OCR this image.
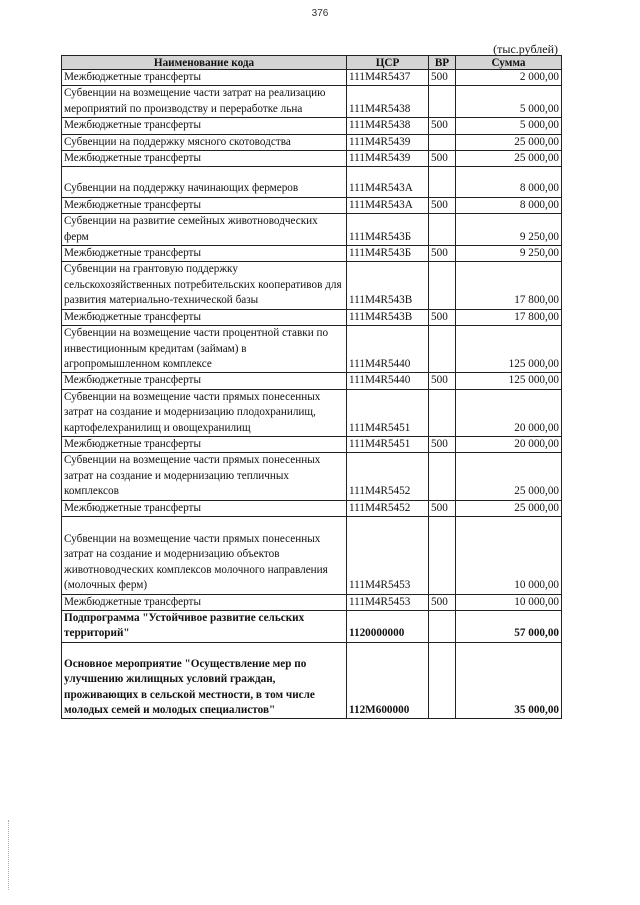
376
(тыс.рублей)
Наименование кода	ЦСР	ВР	Сумма
Межбюджетные трансферты	111M4R5437	500	2 000,00
Субвенции на возмещение части затрат на реализацию мероприятий по производству и переработке льна	111M4R5438		5 000,00
Межбюджетные трансферты	111M4R5438	500	5 000,00
Субвенции на поддержку мясного скотоводства	111M4R5439		25 000,00
Межбюджетные трансферты	111M4R5439	500	25 000,00
Субвенции на поддержку начинающих фермеров	111M4R543А		8 000,00
Межбюджетные трансферты	111M4R543А	500	8 000,00
Субвенции на развитие семейных животноводческих ферм	111M4R543Б		9 250,00
Межбюджетные трансферты	111M4R543Б	500	9 250,00
Субвенции на грантовую поддержку сельскохозяйственных потребительских кооперативов для развития материально-технической базы	111M4R543В		17 800,00
Межбюджетные трансферты	111M4R543В	500	17 800,00
Субвенции на возмещение части процентной ставки по инвестиционным кредитам (займам) в агропромышленном комплексе	111M4R5440		125 000,00
Межбюджетные трансферты	111M4R5440	500	125 000,00
Субвенции на возмещение части прямых понесенных затрат на создание и модернизацию плодохранилищ, картофелехранилищ и овощехранилищ	111M4R5451		20 000,00
Межбюджетные трансферты	111M4R5451	500	20 000,00
Субвенции на возмещение части прямых понесенных затрат на создание и модернизацию тепличных комплексов	111M4R5452		25 000,00
Межбюджетные трансферты	111M4R5452	500	25 000,00
Субвенции на возмещение части прямых понесенных затрат на создание и модернизацию объектов животноводческих комплексов молочного направления (молочных ферм)	111M4R5453		10 000,00
Межбюджетные трансферты	111M4R5453	500	10 000,00
Подпрограмма "Устойчивое развитие сельских территорий"	1120000000		57 000,00
Основное мероприятие "Осуществление мер по улучшению жилищных условий граждан, проживающих в сельской местности, в том числе молодых семей и молодых специалистов"	112M600000		35 000,00
